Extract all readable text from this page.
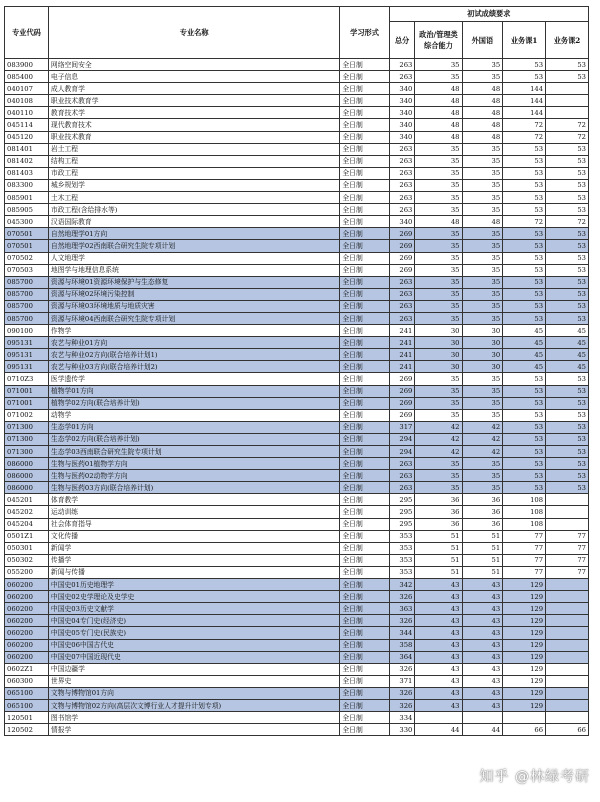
专业代码	专业名称	学习形式	初试成绩要求				
			总分	政治/管理类综合能力	外国语	业务课1	业务课2
083900	网络空间安全	全日制	263	35	35	53	53
085400	电子信息	全日制	263	35	35	53	53
040107	成人教育学	全日制	340	48	48	144	
040108	职业技术教育学	全日制	340	48	48	144	
040110	教育技术学	全日制	340	48	48	144	
045114	现代教育技术	全日制	340	48	48	72	72
045120	职业技术教育	全日制	340	48	48	72	72
081401	岩土工程	全日制	263	35	35	53	53
081402	结构工程	全日制	263	35	35	53	53
081403	市政工程	全日制	263	35	35	53	53
083300	城乡规划学	全日制	263	35	35	53	53
085901	土木工程	全日制	263	35	35	53	53
085905	市政工程(含给排水等)	全日制	263	35	35	53	53
045300	汉语国际教育	全日制	340	48	48	72	72
070501	自然地理学01方向	全日制	269	35	35	53	53
070501	自然地理学02西南联合研究生院专项计划	全日制	269	35	35	53	53
070502	人文地理学	全日制	269	35	35	53	53
070503	地图学与地理信息系统	全日制	269	35	35	53	53
085700	资源与环境01资源环境保护与生态修复	全日制	263	35	35	53	53
085700	资源与环境02环境污染控制	全日制	263	35	35	53	53
085700	资源与环境03环境地质与地质灾害	全日制	263	35	35	53	53
085700	资源与环境04西南联合研究生院专项计划	全日制	263	35	35	53	53
090100	作物学	全日制	241	30	30	45	45
095131	农艺与种业01方向	全日制	241	30	30	45	45
095131	农艺与种业02方向(联合培养计划1)	全日制	241	30	30	45	45
095131	农艺与种业03方向(联合培养计划2)	全日制	241	30	30	45	45
0710Z3	医学遗传学	全日制	269	35	35	53	53
071001	植物学01方向	全日制	269	35	35	53	53
071001	植物学02方向(联合培养计划)	全日制	269	35	35	53	53
071002	动物学	全日制	269	35	35	53	53
071300	生态学01方向	全日制	317	42	42	53	53
071300	生态学02方向(联合培养计划)	全日制	294	42	42	53	53
071300	生态学03西南联合研究生院专项计划	全日制	294	42	42	53	53
086000	生物与医药01植物学方向	全日制	263	35	35	53	53
086000	生物与医药02动物学方向	全日制	263	35	35	53	53
086000	生物与医药03方向(联合培养计划)	全日制	263	35	35	53	53
045201	体育教学	全日制	295	36	36	108	
045202	运动训练	全日制	295	36	36	108	
045204	社会体育指导	全日制	295	36	36	108	
0501Z1	文化传播	全日制	353	51	51	77	77
050301	新闻学	全日制	353	51	51	77	77
050302	传播学	全日制	353	51	51	77	77
055200	新闻与传播	全日制	353	51	51	77	77
060200	中国史01历史地理学	全日制	342	43	43	129	
060200	中国史02史学理论及史学史	全日制	326	43	43	129	
060200	中国史03历史文献学	全日制	363	43	43	129	
060200	中国史04专门史(经济史)	全日制	326	43	43	129	
060200	中国史05专门史(民族史)	全日制	344	43	43	129	
060200	中国史06中国古代史	全日制	358	43	43	129	
060200	中国史07中国近现代史	全日制	364	43	43	129	
0602Z1	中国边疆学	全日制	326	43	43	129	
060300	世界史	全日制	371	43	43	129	
065100	文物与博物馆01方向	全日制	326	43	43	129	
065100	文物与博物馆02方向(高层次文博行业人才提升计划专项)	全日制	326	43	43	129	
120501	图书馆学	全日制	334				
120502	情报学	全日制	330	44	44	66	66
知乎 @林绿考研
